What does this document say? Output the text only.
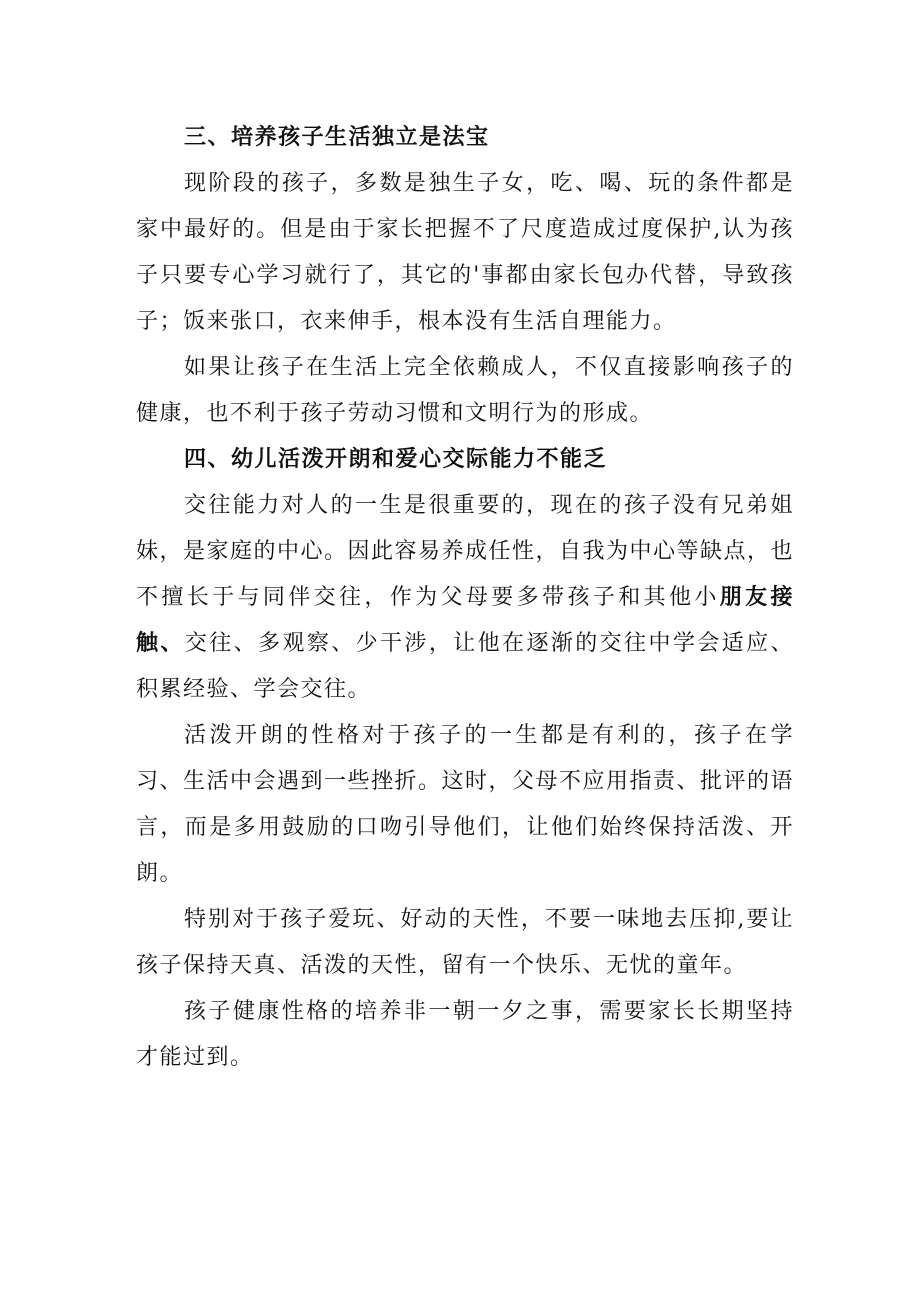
三、培养孩子生活独立是法宝

现阶段的孩子，多数是独生子女，吃、喝、玩的条件都是家中最好的。但是由于家长把握不了尺度造成过度保护,认为孩子只要专心学习就行了，其它的'事都由家长包办代替，导致孩子；饭来张口，衣来伸手，根本没有生活自理能力。

如果让孩子在生活上完全依赖成人，不仅直接影响孩子的健康，也不利于孩子劳动习惯和文明行为的形成。

四、幼儿活泼开朗和爱心交际能力不能乏

交往能力对人的一生是很重要的，现在的孩子没有兄弟姐妹，是家庭的中心。因此容易养成任性，自我为中心等缺点，也不擅长于与同伴交往，作为父母要多带孩子和其他小朋友接触、交往、多观察、少干涉，让他在逐渐的交往中学会适应、积累经验、学会交往。

活泼开朗的性格对于孩子的一生都是有利的，孩子在学习、生活中会遇到一些挫折。这时，父母不应用指责、批评的语言，而是多用鼓励的口吻引导他们，让他们始终保持活泼、开朗。

特别对于孩子爱玩、好动的天性，不要一味地去压抑,要让孩子保持天真、活泼的天性，留有一个快乐、无忧的童年。

孩子健康性格的培养非一朝一夕之事，需要家长长期坚持才能过到。
